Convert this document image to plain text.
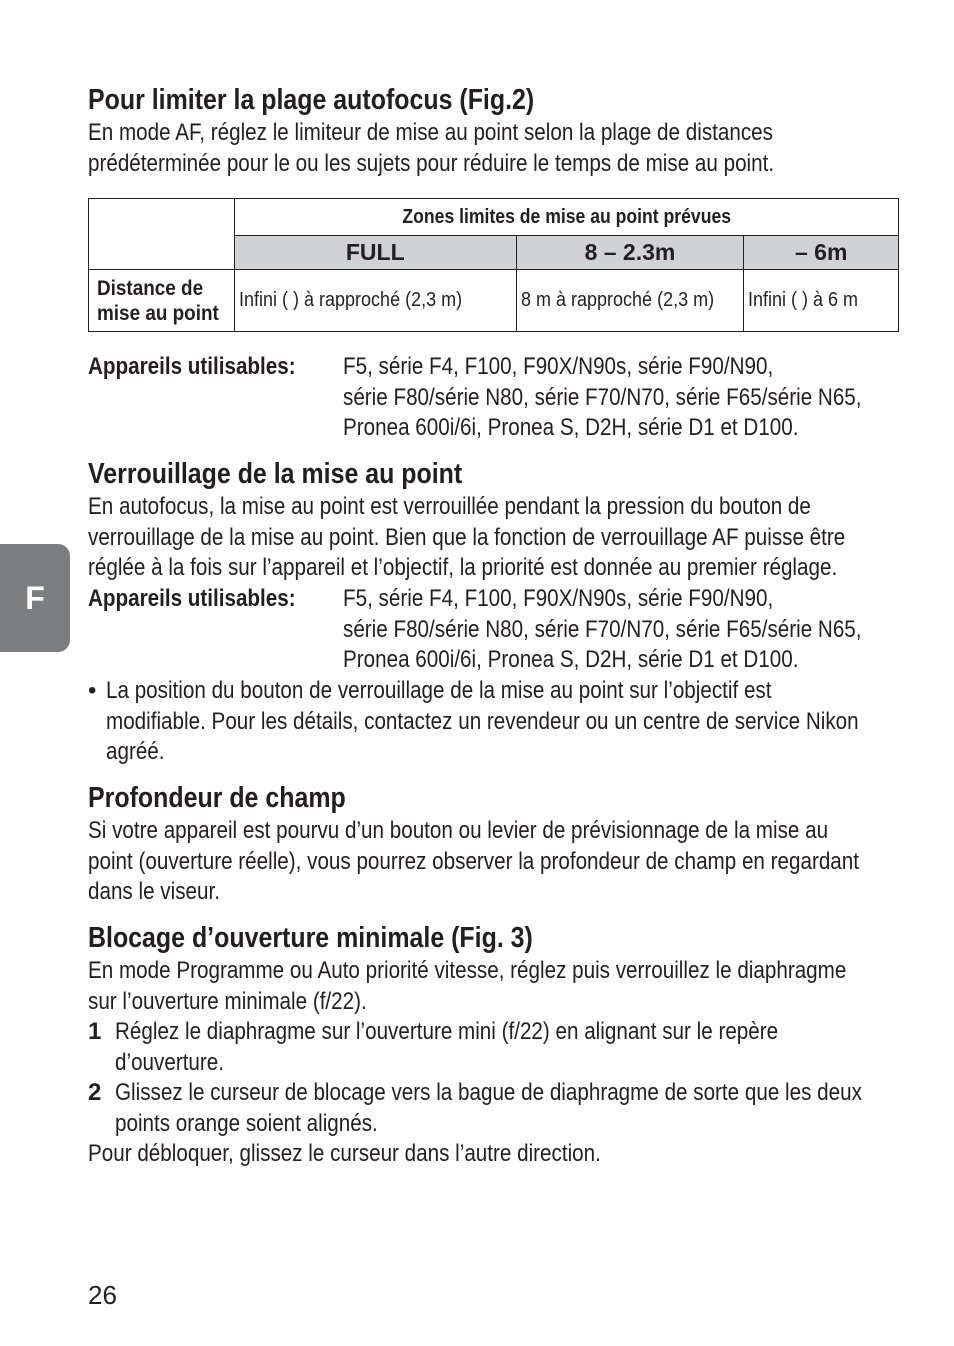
F
Pour limiter la plage autofocus (Fig.2)
En mode AF, réglez le limiteur de mise au point selon la plage de distances
prédéterminée pour le ou les sujets pour réduire le temps de mise au point.
	Zones limites de mise au point prévues		
	FULL	8 – 2.3m	– 6m

Distance de
mise au point	Infini ( ) à rapproché (2,3 m)	8 m à rapproché (2,3 m)	Infini ( ) à 6 m
Appareils utilisables: F5, série F4, F100, F90X/N90s, série F90/N90,
série F80/série N80, série F70/N70, série F65/série N65,
Pronea 600i/6i, Pronea S, D2H, série D1 et D100.
Verrouillage de la mise au point
En autofocus, la mise au point est verrouillée pendant la pression du bouton de
verrouillage de la mise au point. Bien que la fonction de verrouillage AF puisse être
réglée à la fois sur l’appareil et l’objectif, la priorité est donnée au premier réglage.
Appareils utilisables: F5, série F4, F100, F90X/N90s, série F90/N90,
série F80/série N80, série F70/N70, série F65/série N65,
Pronea 600i/6i, Pronea S, D2H, série D1 et D100.
• La position du bouton de verrouillage de la mise au point sur l’objectif est
modifiable. Pour les détails, contactez un revendeur ou un centre de service Nikon
agréé.
Profondeur de champ
Si votre appareil est pourvu d’un bouton ou levier de prévisionnage de la mise au
point (ouverture réelle), vous pourrez observer la profondeur de champ en regardant
dans le viseur.
Blocage d’ouverture minimale (Fig. 3)
En mode Programme ou Auto priorité vitesse, réglez puis verrouillez le diaphragme
sur l’ouverture minimale (f/22).
1 Réglez le diaphragme sur l’ouverture mini (f/22) en alignant sur le repère
d’ouverture.
2 Glissez le curseur de blocage vers la bague de diaphragme de sorte que les deux
points orange soient alignés.
Pour débloquer, glissez le curseur dans l’autre direction.
26
